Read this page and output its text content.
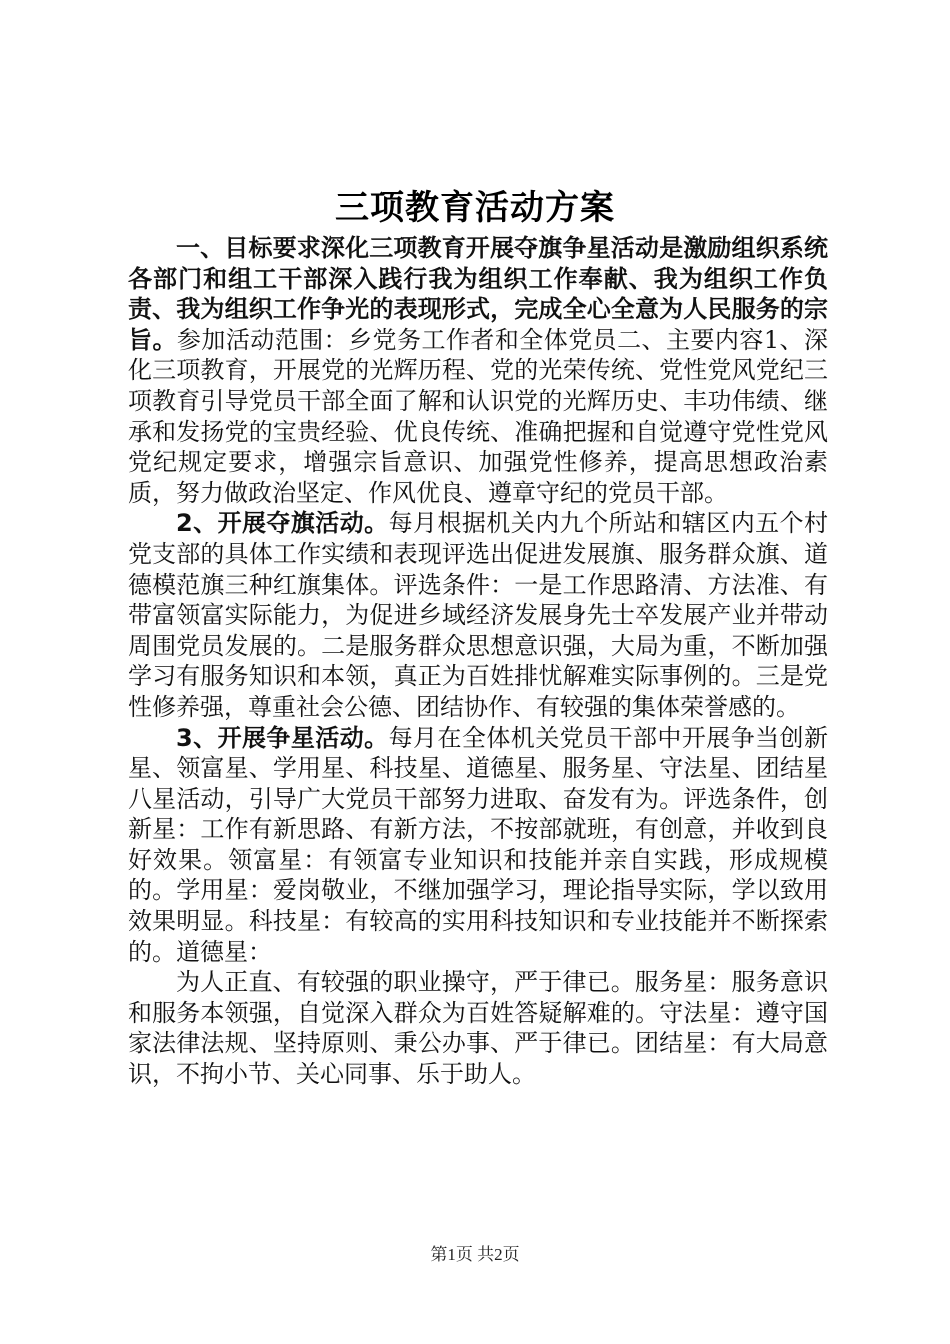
三项教育活动方案

一、目标要求深化三项教育开展夺旗争星活动是激励组织系统各部门和组工干部深入践行我为组织工作奉献、我为组织工作负责、我为组织工作争光的表现形式，完成全心全意为人民服务的宗旨。参加活动范围：乡党务工作者和全体党员二、主要内容1、深化三项教育，开展党的光辉历程、党的光荣传统、党性党风党纪三项教育引导党员干部全面了解和认识党的光辉历史、丰功伟绩、继承和发扬党的宝贵经验、优良传统、准确把握和自觉遵守党性党风党纪规定要求，增强宗旨意识、加强党性修养，提高思想政治素质，努力做政治坚定、作风优良、遵章守纪的党员干部。

2、开展夺旗活动。每月根据机关内九个所站和辖区内五个村党支部的具体工作实绩和表现评选出促进发展旗、服务群众旗、道德模范旗三种红旗集体。评选条件：一是工作思路清、方法准、有带富领富实际能力，为促进乡域经济发展身先士卒发展产业并带动周围党员发展的。二是服务群众思想意识强，大局为重，不断加强学习有服务知识和本领，真正为百姓排忧解难实际事例的。三是党性修养强，尊重社会公德、团结协作、有较强的集体荣誉感的。

3、开展争星活动。每月在全体机关党员干部中开展争当创新星、领富星、学用星、科技星、道德星、服务星、守法星、团结星八星活动，引导广大党员干部努力进取、奋发有为。评选条件，创新星：工作有新思路、有新方法，不按部就班，有创意，并收到良好效果。领富星：有领富专业知识和技能并亲自实践，形成规模的。学用星：爱岗敬业，不继加强学习，理论指导实际，学以致用效果明显。科技星：有较高的实用科技知识和专业技能并不断探索的。道德星：

为人正直、有较强的职业操守，严于律已。服务星：服务意识和服务本领强，自觉深入群众为百姓答疑解难的。守法星：遵守国家法律法规、坚持原则、秉公办事、严于律已。团结星：有大局意识，不拘小节、关心同事、乐于助人。

第1页 共2页
